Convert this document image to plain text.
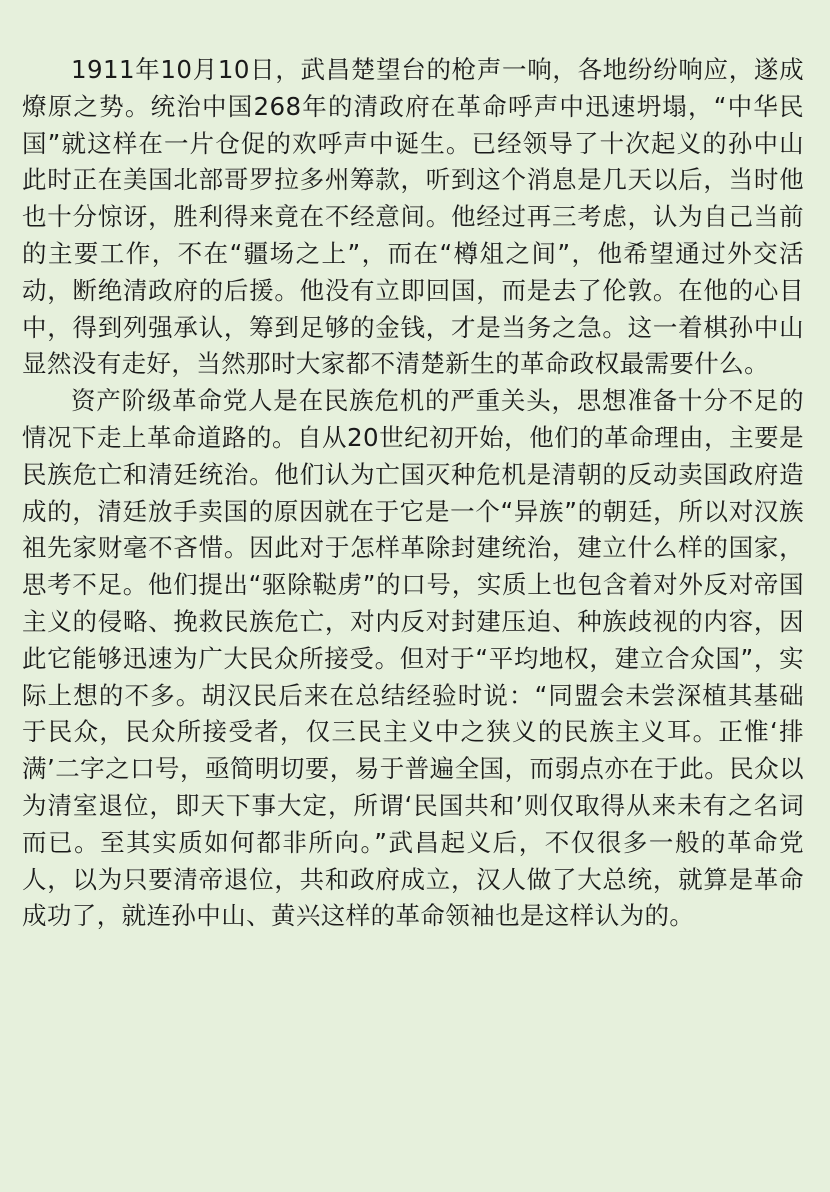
1911年10月10日，武昌楚望台的枪声一响，各地纷纷响应，遂成燎原之势。统治中国268年的清政府在革命呼声中迅速坍塌，“中华民国”就这样在一片仓促的欢呼声中诞生。已经领导了十次起义的孙中山此时正在美国北部哥罗拉多州筹款，听到这个消息是几天以后，当时他也十分惊讶，胜利得来竟在不经意间。他经过再三考虑，认为自己当前的主要工作，不在“疆场之上”，而在“樽俎之间”，他希望通过外交活动，断绝清政府的后援。他没有立即回国，而是去了伦敦。在他的心目中，得到列强承认，筹到足够的金钱，才是当务之急。这一着棋孙中山显然没有走好，当然那时大家都不清楚新生的革命政权最需要什么。

资产阶级革命党人是在民族危机的严重关头，思想准备十分不足的情况下走上革命道路的。自从20世纪初开始，他们的革命理由，主要是民族危亡和清廷统治。他们认为亡国灭种危机是清朝的反动卖国政府造成的，清廷放手卖国的原因就在于它是一个“异族”的朝廷，所以对汉族祖先家财毫不吝惜。因此对于怎样革除封建统治，建立什么样的国家，思考不足。他们提出“驱除鞑虏”的口号，实质上也包含着对外反对帝国主义的侵略、挽救民族危亡，对内反对封建压迫、种族歧视的内容，因此它能够迅速为广大民众所接受。但对于“平均地权，建立合众国”，实际上想的不多。胡汉民后来在总结经验时说：“同盟会未尝深植其基础于民众，民众所接受者，仅三民主义中之狭义的民族主义耳。正惟‘排满’二字之口号，亟简明切要，易于普遍全国，而弱点亦在于此。民众以为清室退位，即天下事大定，所谓‘民国共和’则仅取得从来未有之名词而已。至其实质如何都非所向。”武昌起义后，不仅很多一般的革命党人，以为只要清帝退位，共和政府成立，汉人做了大总统，就算是革命成功了，就连孙中山、黄兴这样的革命领袖也是这样认为的。
